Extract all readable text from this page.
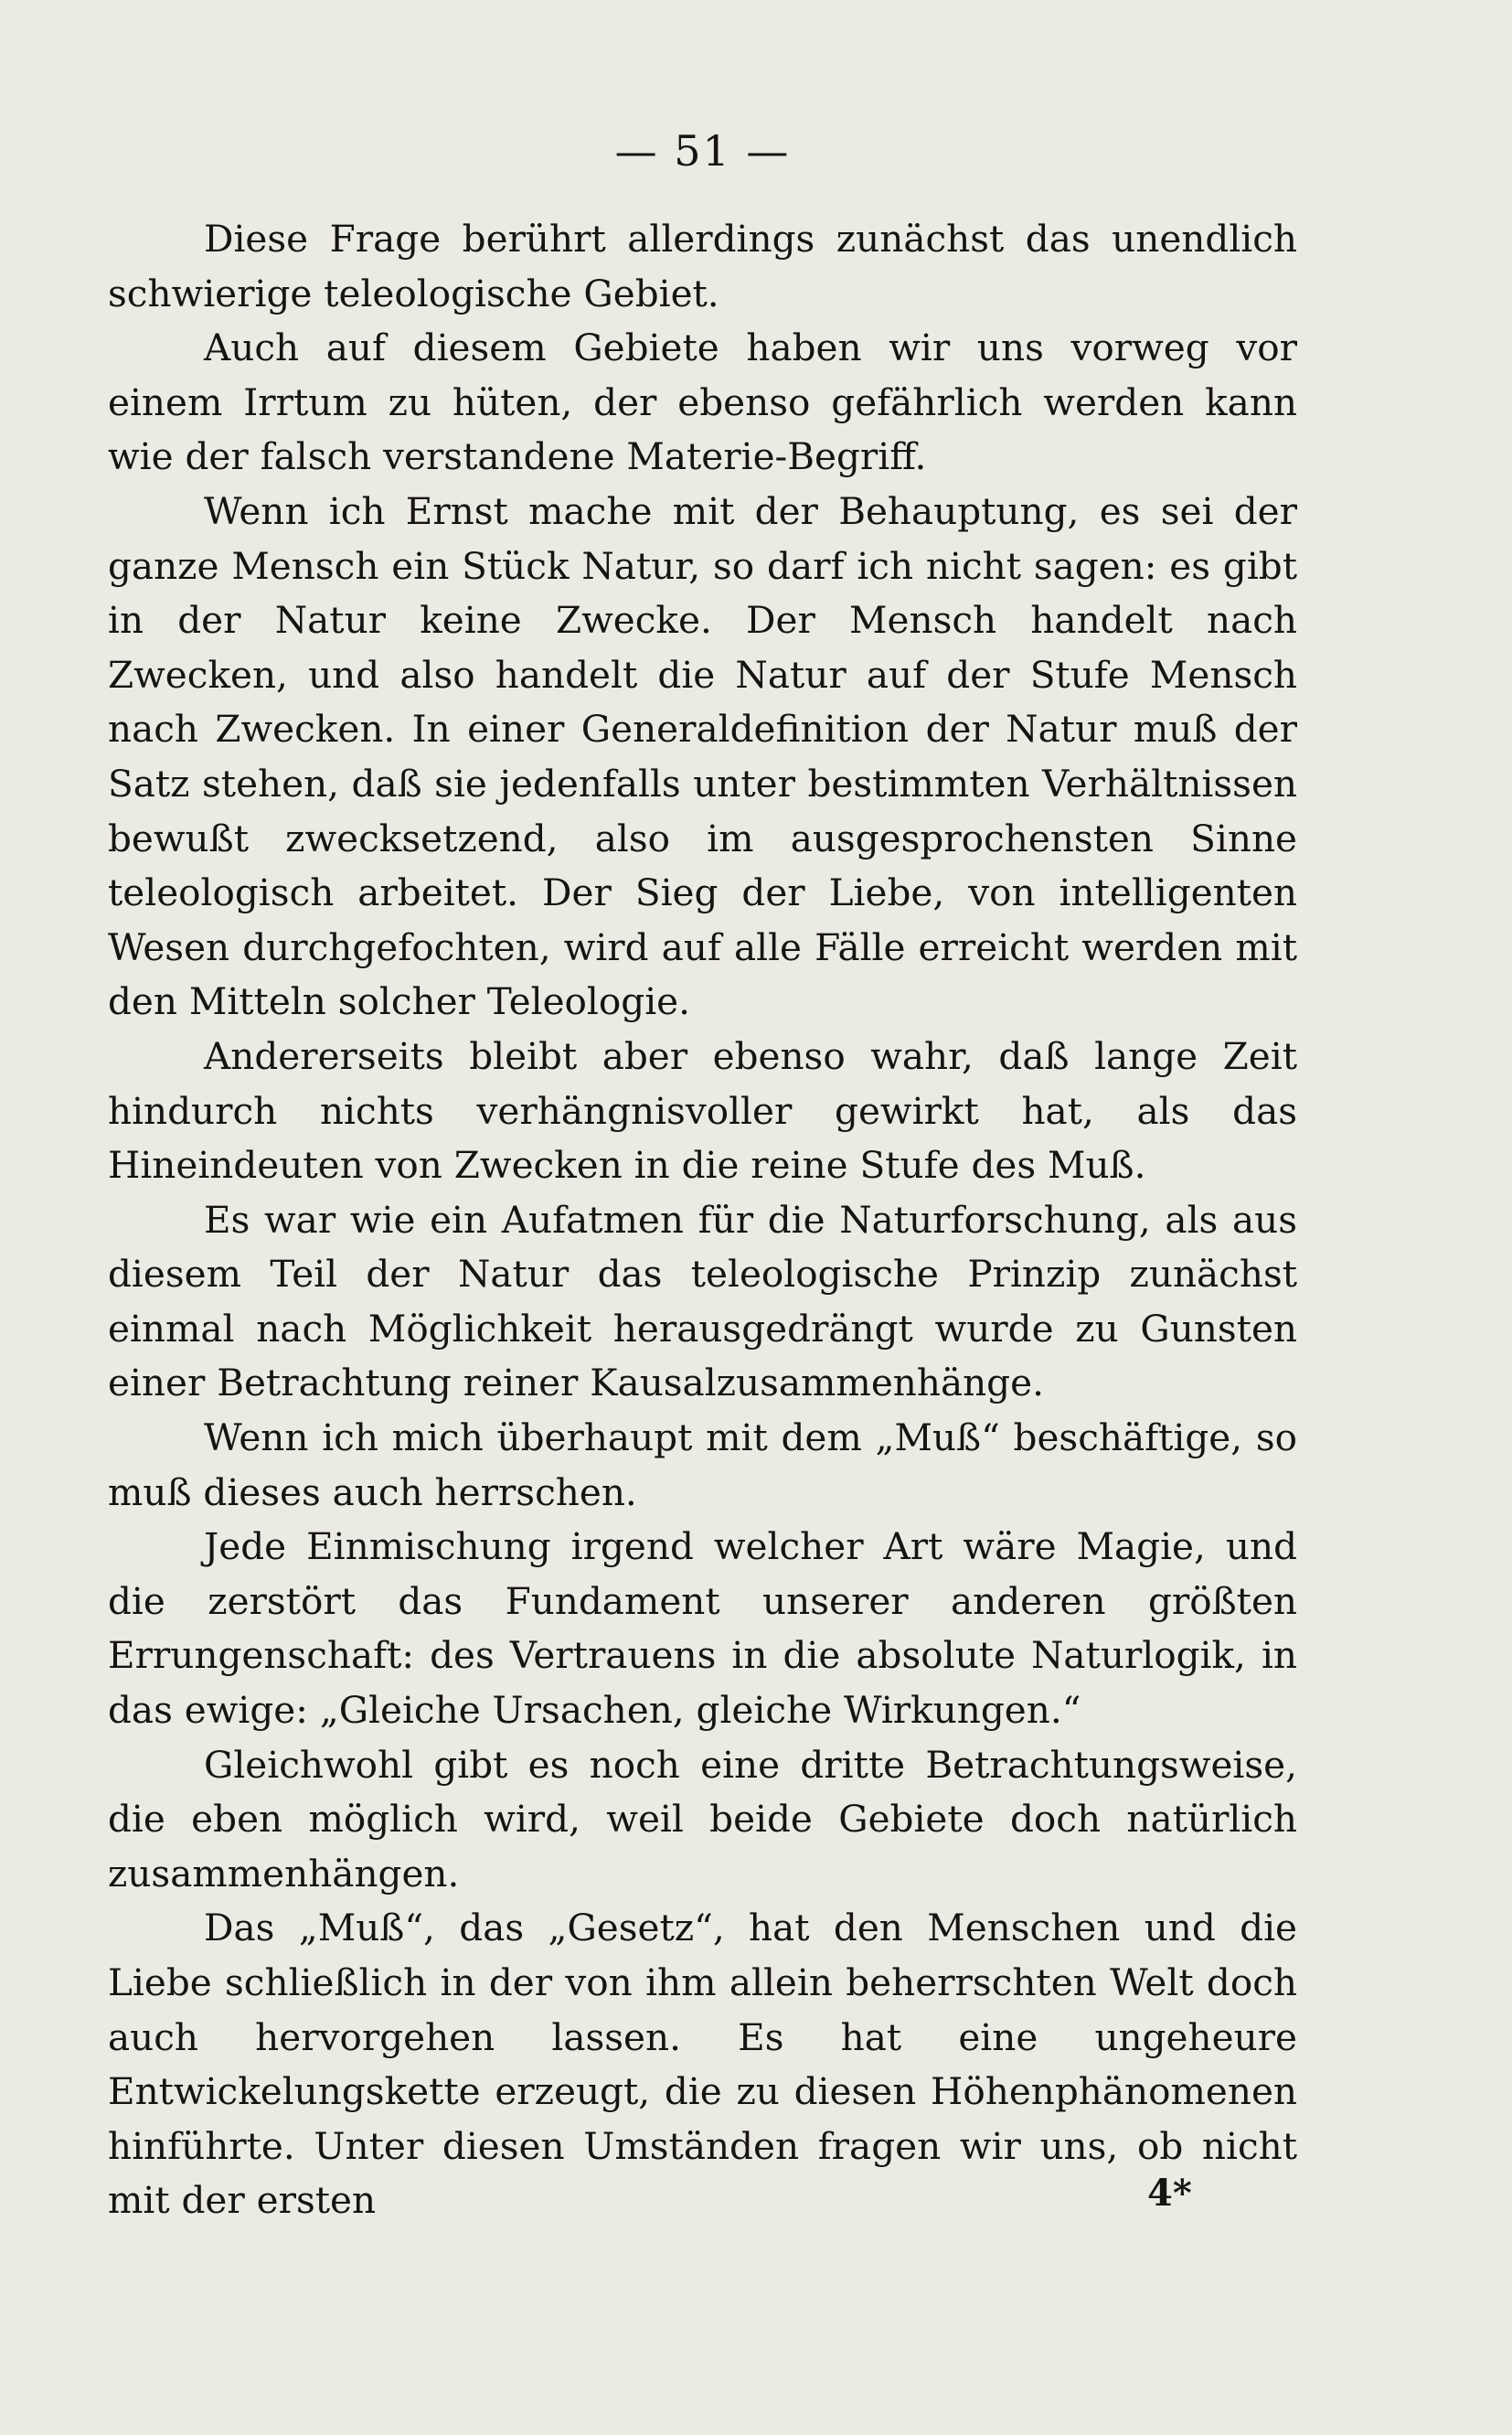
— 51 —

Diese Frage berührt allerdings zunächst das unendlich schwierige teleologische Gebiet.

Auch auf diesem Gebiete haben wir uns vorweg vor einem Irrtum zu hüten, der ebenso gefährlich werden kann wie der falsch verstandene Materie-Begriff.

Wenn ich Ernst mache mit der Behauptung, es sei der ganze Mensch ein Stück Natur, so darf ich nicht sagen: es gibt in der Natur keine Zwecke. Der Mensch handelt nach Zwecken, und also handelt die Natur auf der Stufe Mensch nach Zwecken. In einer Generaldefinition der Natur muß der Satz stehen, daß sie jedenfalls unter bestimmten Verhältnissen bewußt zwecksetzend, also im ausgesprochensten Sinne teleologisch arbeitet. Der Sieg der Liebe, von intelligenten Wesen durchgefochten, wird auf alle Fälle erreicht werden mit den Mitteln solcher Teleologie.

Andererseits bleibt aber ebenso wahr, daß lange Zeit hindurch nichts verhängnisvoller gewirkt hat, als das Hineindeuten von Zwecken in die reine Stufe des Muß.

Es war wie ein Aufatmen für die Naturforschung, als aus diesem Teil der Natur das teleologische Prinzip zunächst einmal nach Möglichkeit herausgedrängt wurde zu Gunsten einer Betrachtung reiner Kausalzusammenhänge.

Wenn ich mich überhaupt mit dem „Muß“ beschäftige, so muß dieses auch herrschen.

Jede Einmischung irgend welcher Art wäre Magie, und die zerstört das Fundament unserer anderen größten Errungenschaft: des Vertrauens in die absolute Naturlogik, in das ewige: „Gleiche Ursachen, gleiche Wirkungen.“

Gleichwohl gibt es noch eine dritte Betrachtungsweise, die eben möglich wird, weil beide Gebiete doch natürlich zusammenhängen.

Das „Muß“, das „Gesetz“, hat den Menschen und die Liebe schließlich in der von ihm allein beherrschten Welt doch auch hervorgehen lassen. Es hat eine ungeheure Entwickelungskette erzeugt, die zu diesen Höhenphänomenen hinführte. Unter diesen Umständen fragen wir uns, ob nicht mit der ersten	4*
